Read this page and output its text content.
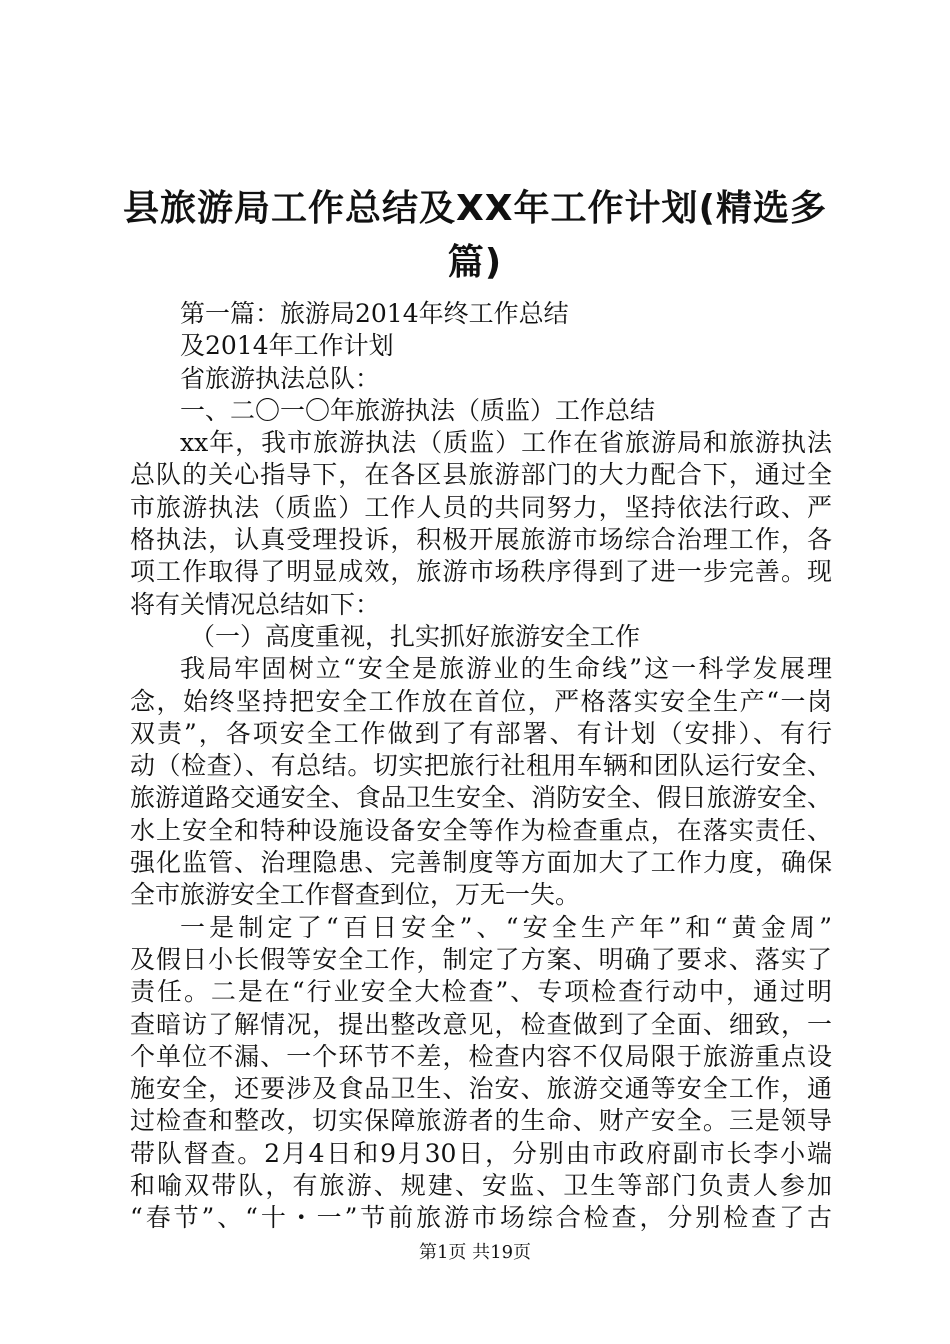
县旅游局工作总结及XX年工作计划(精选多
篇)
第一篇：旅游局2014年终工作总结
及2014年工作计划
省旅游执法总队：
一、二〇一〇年旅游执法（质监）工作总结
xx年，我市旅游执法（质监）工作在省旅游局和旅游执法
总队的关心指导下，在各区县旅游部门的大力配合下，通过全
市旅游执法（质监）工作人员的共同努力，坚持依法行政、严
格执法，认真受理投诉，积极开展旅游市场综合治理工作，各
项工作取得了明显成效，旅游市场秩序得到了进一步完善。现
将有关情况总结如下：
（一）高度重视，扎实抓好旅游安全工作
我局牢固树立“安全是旅游业的生命线”这一科学发展理
念，始终坚持把安全工作放在首位，严格落实安全生产“一岗
双责”，各项安全工作做到了有部署、有计划（安排）、有行
动（检查）、有总结。切实把旅行社租用车辆和团队运行安全、
旅游道路交通安全、食品卫生安全、消防安全、假日旅游安全、
水上安全和特种设施设备安全等作为检查重点，在落实责任、
强化监管、治理隐患、完善制度等方面加大了工作力度，确保
全市旅游安全工作督查到位，万无一失。
一是制定了“百日安全”、“安全生产年”和“黄金周”
及假日小长假等安全工作，制定了方案、明确了要求、落实了
责任。二是在“行业安全大检查”、专项检查行动中，通过明
查暗访了解情况，提出整改意见，检查做到了全面、细致，一
个单位不漏、一个环节不差，检查内容不仅局限于旅游重点设
施安全，还要涉及食品卫生、治安、旅游交通等安全工作，通
过检查和整改，切实保障旅游者的生命、财产安全。三是领导
带队督查。2月4日和9月30日，分别由市政府副市长李小端
和喻双带队，有旅游、规建、安监、卫生等部门负责人参加
“春节”、“十・一”节前旅游市场综合检查，分别检查了古
第1页 共19页
